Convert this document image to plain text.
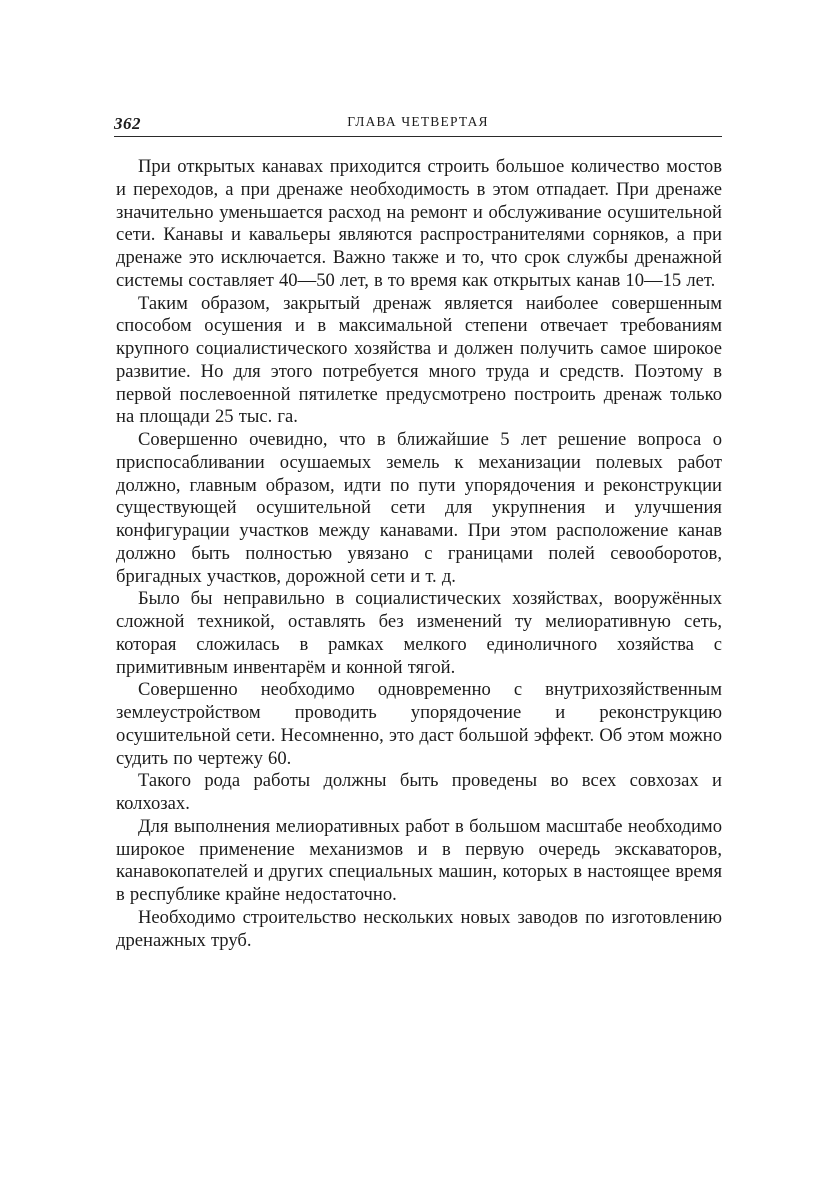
362	ГЛАВА ЧЕТВЕРТАЯ

При открытых канавах приходится строить большое количество мостов и переходов, а при дренаже необходимость в этом отпадает. При дренаже значительно уменьшается расход на ремонт и обслуживание осушительной сети. Канавы и кавальеры являются распространителями сорняков, а при дренаже это исключается. Важно также и то, что срок службы дренажной системы составляет 40—50 лет, в то время как открытых канав 10—15 лет.

Таким образом, закрытый дренаж является наиболее совершенным способом осушения и в максимальной степени отвечает требованиям крупного социалистического хозяйства и должен получить самое широкое развитие. Но для этого потребуется много труда и средств. Поэтому в первой послевоенной пятилетке предусмотрено построить дренаж только на площади 25 тыс. га.

Совершенно очевидно, что в ближайшие 5 лет решение вопроса о приспосабливании осушаемых земель к механизации полевых работ должно, главным образом, идти по пути упорядочения и реконструкции существующей осушительной сети для укрупнения и улучшения конфигурации участков между канавами. При этом расположение канав должно быть полностью увязано с границами полей севооборотов, бригадных участков, дорожной сети и т. д.

Было бы неправильно в социалистических хозяйствах, вооружённых сложной техникой, оставлять без изменений ту мелиоративную сеть, которая сложилась в рамках мелкого единоличного хозяйства с примитивным инвентарём и конной тягой.

Совершенно необходимо одновременно с внутрихозяйственным землеустройством проводить упорядочение и реконструкцию осушительной сети. Несомненно, это даст большой эффект. Об этом можно судить по чертежу 60.

Такого рода работы должны быть проведены во всех совхозах и колхозах.

Для выполнения мелиоративных работ в большом масштабе необходимо широкое применение механизмов и в первую очередь экскаваторов, канавокопателей и других специальных машин, которых в настоящее время в республике крайне недостаточно.

Необходимо строительство нескольких новых заводов по изготовлению дренажных труб.
